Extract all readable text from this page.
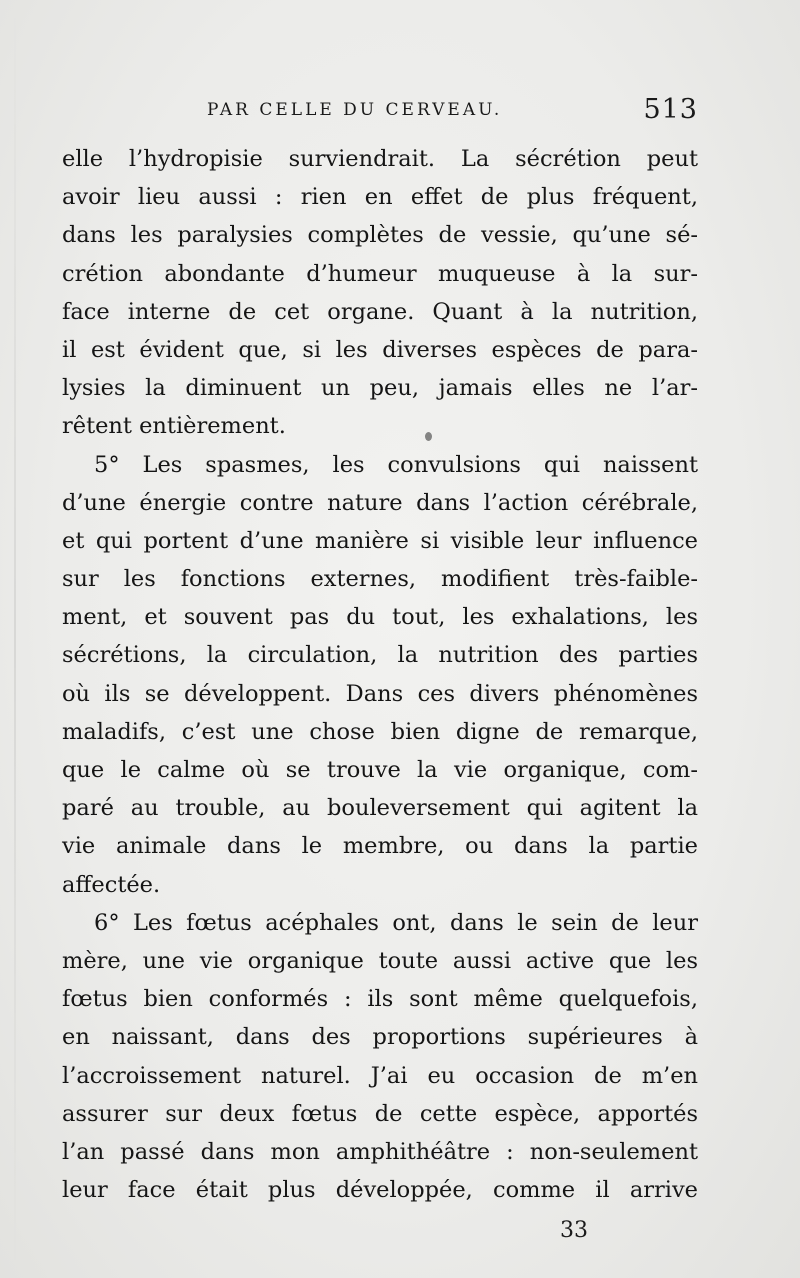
PAR CELLE DU CERVEAU.	513
elle l’hydropisie surviendrait. La sécrétion peut
avoir lieu aussi : rien en effet de plus fréquent,
dans les paralysies complètes de vessie, qu’une sé-
crétion abondante d’humeur muqueuse à la sur-
face interne de cet organe. Quant à la nutrition,
il est évident que, si les diverses espèces de para-
lysies la diminuent un peu, jamais elles ne l’ar-
rêtent entièrement.
5° Les spasmes, les convulsions qui naissent
d’une énergie contre nature dans l’action cérébrale,
et qui portent d’une manière si visible leur influence
sur les fonctions externes, modifient très-faible-
ment, et souvent pas du tout, les exhalations, les
sécrétions, la circulation, la nutrition des parties
où ils se développent. Dans ces divers phénomènes
maladifs, c’est une chose bien digne de remarque,
que le calme où se trouve la vie organique, com-
paré au trouble, au bouleversement qui agitent la
vie animale dans le membre, ou dans la partie
affectée.
6° Les fœtus acéphales ont, dans le sein de leur
mère, une vie organique toute aussi active que les
fœtus bien conformés : ils sont même quelquefois,
en naissant, dans des proportions supérieures à
l’accroissement naturel. J’ai eu occasion de m’en
assurer sur deux fœtus de cette espèce, apportés
l’an passé dans mon amphithéâtre : non-seulement
leur face était plus développée, comme il arrive
33
